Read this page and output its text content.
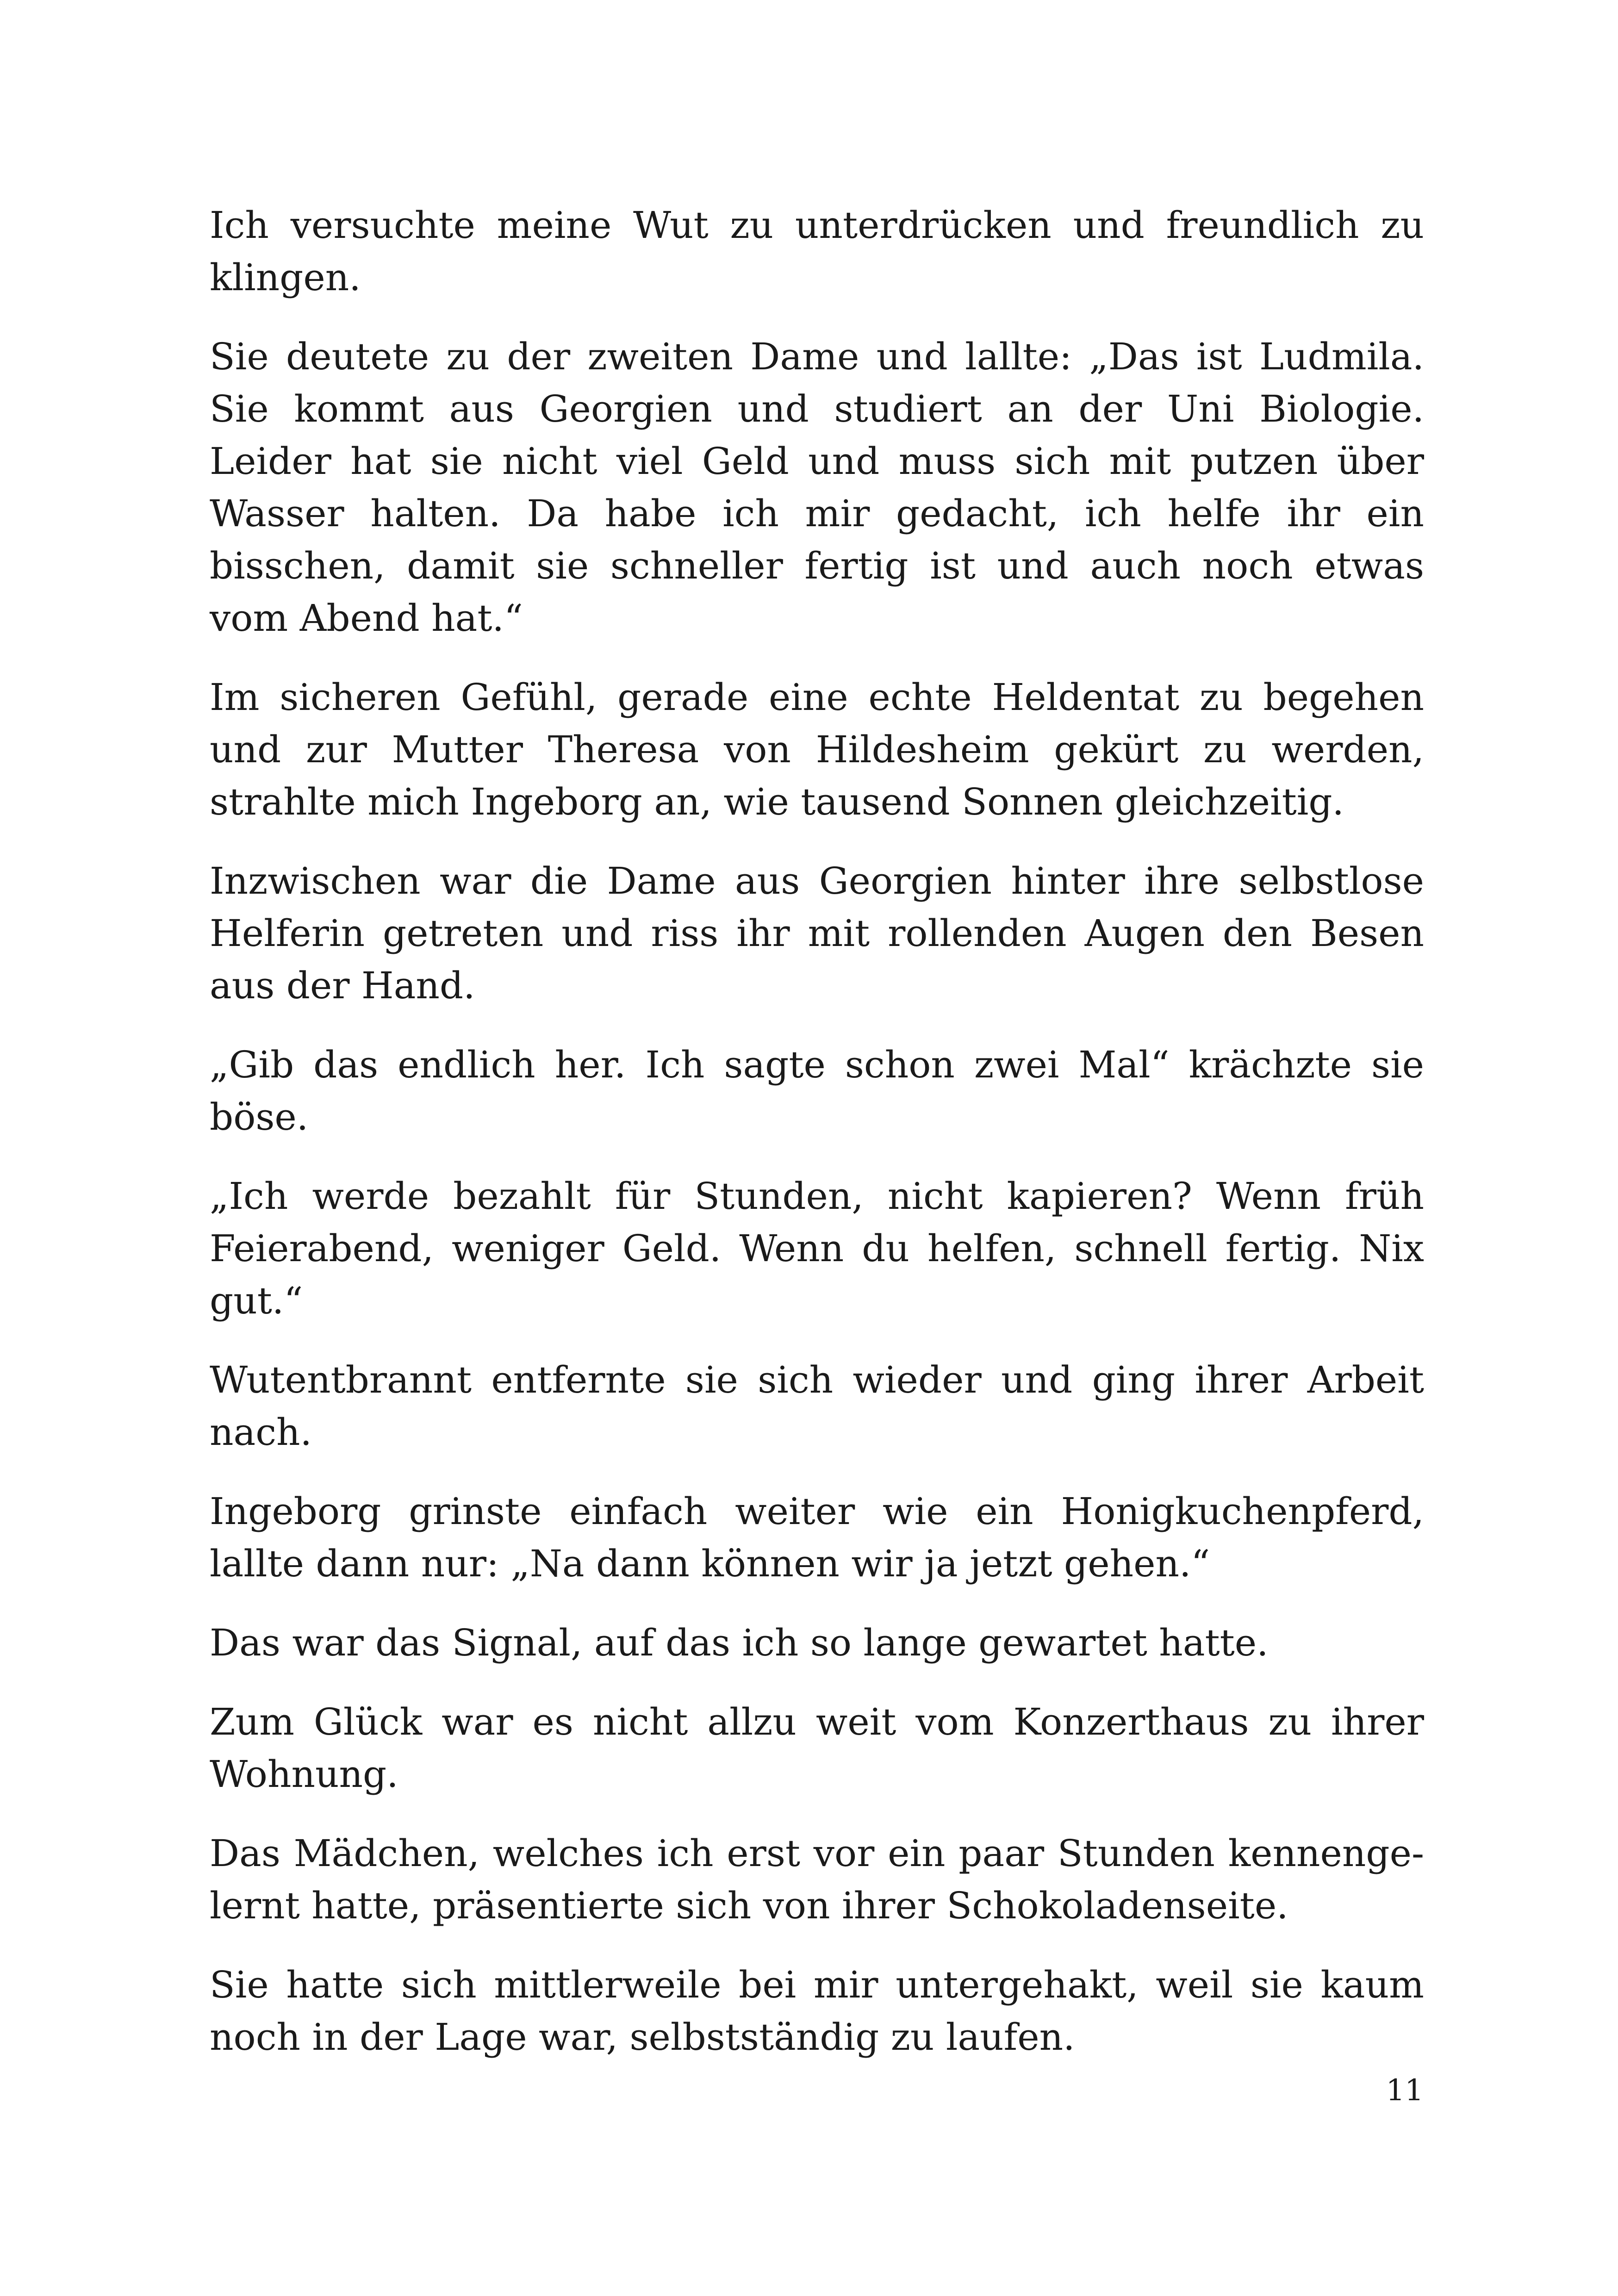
Ich versuchte meine Wut zu unterdrücken und freundlich zu klingen.

Sie deutete zu der zweiten Dame und lallte: „Das ist Ludmila. Sie kommt aus Georgien und studiert an der Uni Biologie. Leider hat sie nicht viel Geld und muss sich mit putzen über Wasser halten. Da habe ich mir gedacht, ich helfe ihr ein bisschen, damit sie schneller fertig ist und auch noch etwas vom Abend hat.“

Im sicheren Gefühl, gerade eine echte Heldentat zu begehen und zur Mutter Theresa von Hildesheim gekürt zu werden, strahlte mich Ingeborg an, wie tausend Sonnen gleichzeitig.

Inzwischen war die Dame aus Georgien hinter ihre selbstlose Helferin getreten und riss ihr mit rollenden Augen den Besen aus der Hand.

„Gib das endlich her. Ich sagte schon zwei Mal“ krächzte sie böse.

„Ich werde bezahlt für Stunden, nicht kapieren? Wenn früh Feierabend, weniger Geld. Wenn du helfen, schnell fertig. Nix gut.“

Wutentbrannt entfernte sie sich wieder und ging ihrer Arbeit nach.

Ingeborg grinste einfach weiter wie ein Honigkuchenpferd, lallte dann nur: „Na dann können wir ja jetzt gehen.“

Das war das Signal, auf das ich so lange gewartet hatte.

Zum Glück war es nicht allzu weit vom Konzerthaus zu ihrer Wohnung.

Das Mädchen, welches ich erst vor ein paar Stunden kennengelernt hatte, präsentierte sich von ihrer Schokoladenseite.

Sie hatte sich mittlerweile bei mir untergehakt, weil sie kaum noch in der Lage war, selbstständig zu laufen.

11
